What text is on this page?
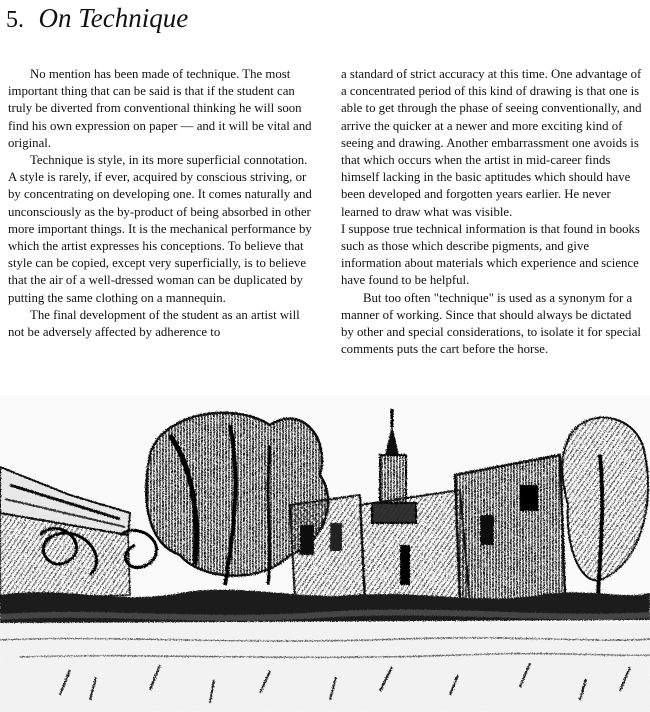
5. On Technique

No mention has been made of technique. The most important thing that can be said is that if the student can truly be diverted from conventional thinking he will soon find his own expression on paper — and it will be vital and original.

Technique is style, in its more superficial connotation. A style is rarely, if ever, acquired by conscious striving, or by concentrating on developing one. It comes naturally and unconsciously as the by-product of being absorbed in other more important things. It is the mechanical performance by which the artist expresses his conceptions. To believe that style can be copied, except very superficially, is to believe that the air of a well-dressed woman can be duplicated by putting the same clothing on a mannequin.

The final development of the student as an artist will not be adversely affected by adherence to

a standard of strict accuracy at this time. One advantage of a concentrated period of this kind of drawing is that one is able to get through the phase of seeing conventionally, and arrive the quicker at a newer and more exciting kind of seeing and drawing. Another embarrassment one avoids is that which occurs when the artist in mid-career finds himself lacking in the basic aptitudes which should have been developed and forgotten years earlier. He never learned to draw what was visible.

I suppose true technical information is that found in books such as those which describe pigments, and give information about materials which experience and science have found to be helpful.

But too often "technique" is used as a synonym for a manner of working. Since that should always be dictated by other and special considerations, to isolate it for special comments puts the cart before the horse.
